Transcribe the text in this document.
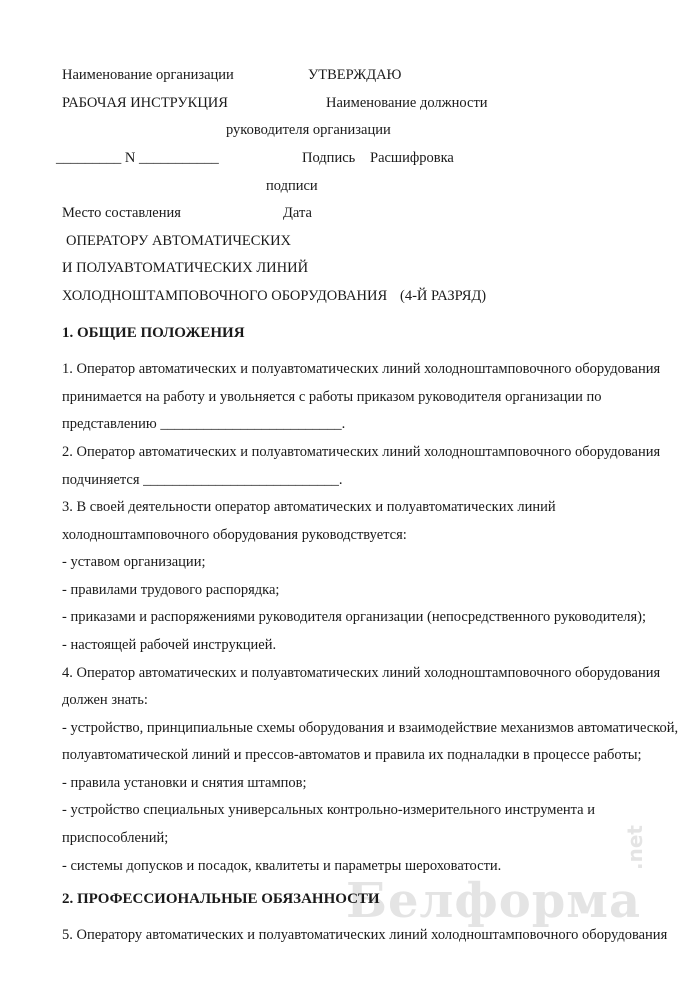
Наименование организации	УТВЕРЖДАЮ
РАБОЧАЯ ИНСТРУКЦИЯ	Наименование должности
руководителя организации
_________ N ___________	Подпись Расшифровка
подписи
Место составления	Дата
ОПЕРАТОРУ АВТОМАТИЧЕСКИХ
И ПОЛУАВТОМАТИЧЕСКИХ ЛИНИЙ
ХОЛОДНОШТАМПОВОЧНОГО ОБОРУДОВАНИЯ (4-Й РАЗРЯД)
1. ОБЩИЕ ПОЛОЖЕНИЯ
1. Оператор автоматических и полуавтоматических линий холодноштамповочного оборудования
принимается на работу и увольняется с работы приказом руководителя организации по
представлению _________________________.
2. Оператор автоматических и полуавтоматических линий холодноштамповочного оборудования
подчиняется ___________________________.
3. В своей деятельности оператор автоматических и полуавтоматических линий
холодноштамповочного оборудования руководствуется:
- уставом организации;
- правилами трудового распорядка;
- приказами и распоряжениями руководителя организации (непосредственного руководителя);
- настоящей рабочей инструкцией.
4. Оператор автоматических и полуавтоматических линий холодноштамповочного оборудования
должен знать:
- устройство, принципиальные схемы оборудования и взаимодействие механизмов автоматической,
полуавтоматической линий и прессов-автоматов и правила их подналадки в процессе работы;
- правила установки и снятия штампов;
- устройство специальных универсальных контрольно-измерительного инструмента и
приспособлений;
- системы допусков и посадок, квалитеты и параметры шероховатости.
Белформа
.net
2. ПРОФЕССИОНАЛЬНЫЕ ОБЯЗАННОСТИ
5. Оператору автоматических и полуавтоматических линий холодноштамповочного оборудования
